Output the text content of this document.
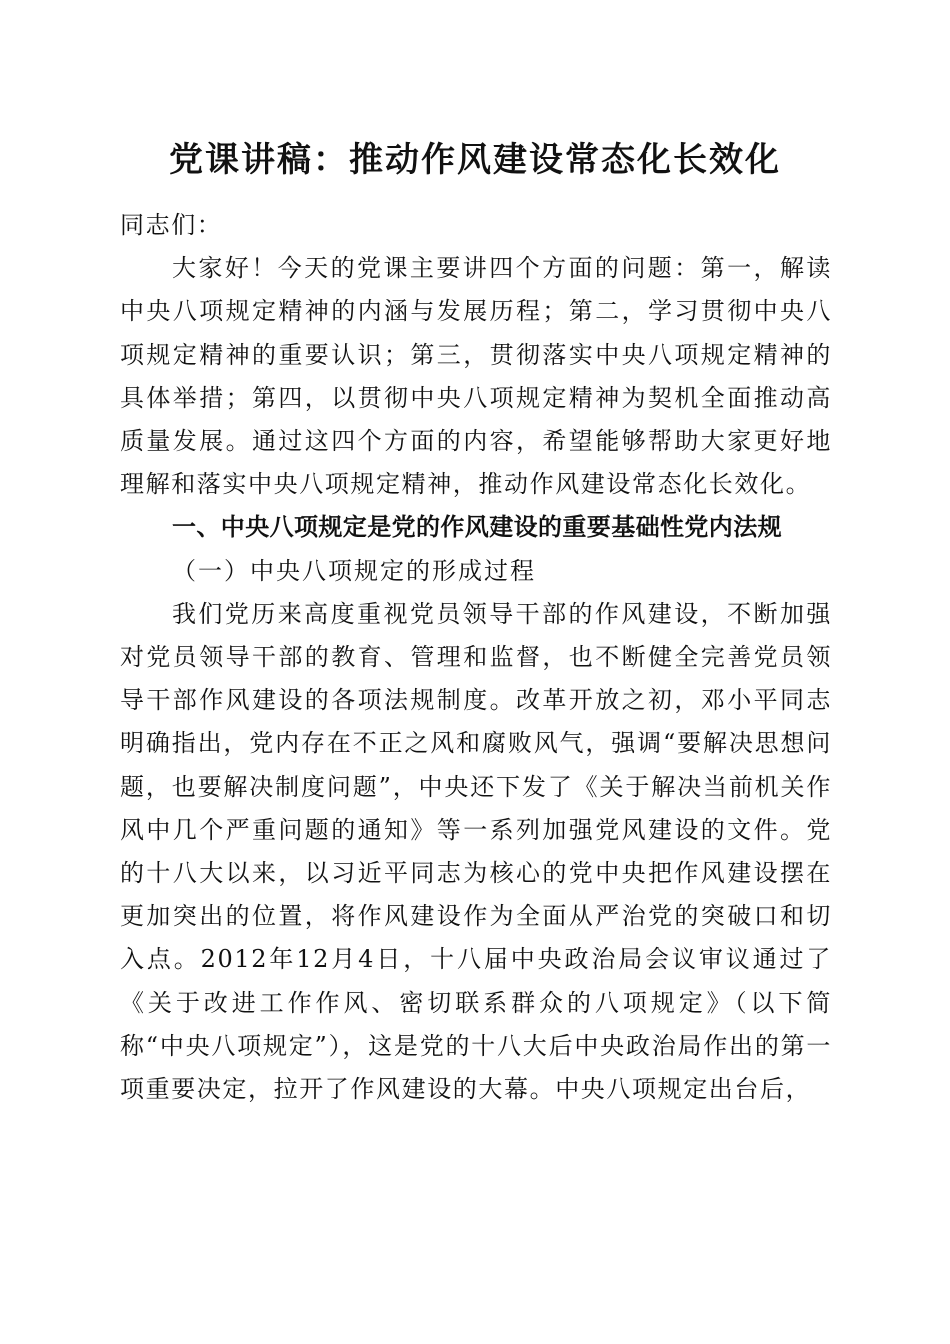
党课讲稿：推动作风建设常态化长效化

同志们：

大家好！今天的党课主要讲四个方面的问题：第一，解读中央八项规定精神的内涵与发展历程；第二，学习贯彻中央八项规定精神的重要认识；第三，贯彻落实中央八项规定精神的具体举措；第四，以贯彻中央八项规定精神为契机全面推动高质量发展。通过这四个方面的内容，希望能够帮助大家更好地理解和落实中央八项规定精神，推动作风建设常态化长效化。

一、中央八项规定是党的作风建设的重要基础性党内法规

（一）中央八项规定的形成过程

我们党历来高度重视党员领导干部的作风建设，不断加强对党员领导干部的教育、管理和监督，也不断健全完善党员领导干部作风建设的各项法规制度。改革开放之初，邓小平同志明确指出，党内存在不正之风和腐败风气，强调“要解决思想问题，也要解决制度问题”，中央还下发了《关于解决当前机关作风中几个严重问题的通知》等一系列加强党风建设的文件。党的十八大以来，以习近平同志为核心的党中央把作风建设摆在更加突出的位置，将作风建设作为全面从严治党的突破口和切入点。2012年12月4日，十八届中央政治局会议审议通过了《关于改进工作作风、密切联系群众的八项规定》（以下简称“中央八项规定”），这是党的十八大后中央政治局作出的第一项重要决定，拉开了作风建设的大幕。中央八项规定出台后，
